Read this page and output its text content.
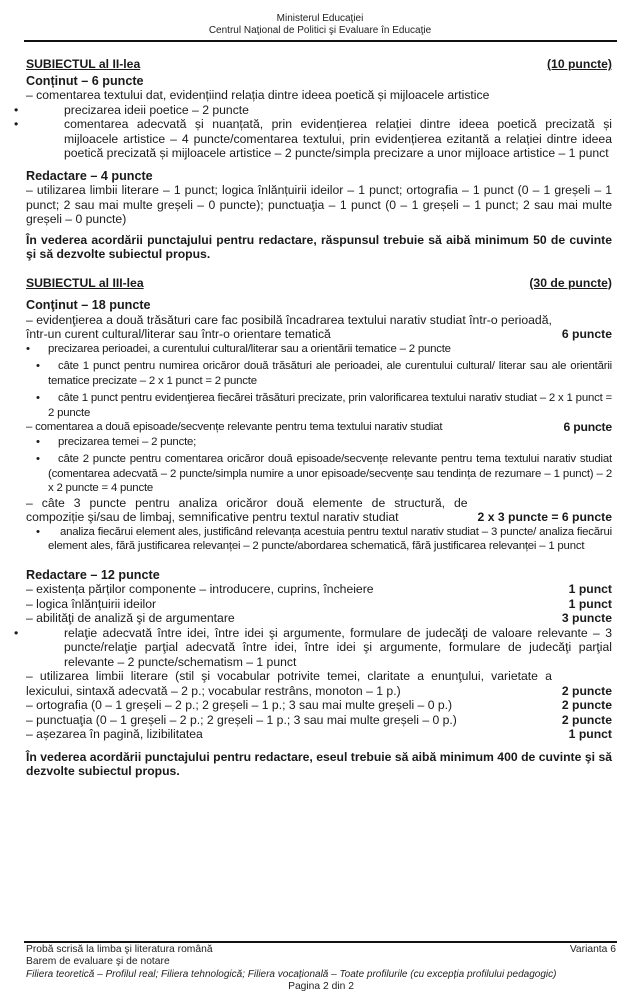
Ministerul Educaţiei
Centrul Naţional de Politici şi Evaluare în Educaţie
SUBIECTUL al II-lea	(10 puncte)
Conținut – 6 puncte

– comentarea textului dat, evidențiind relația dintre ideea poetică și mijloacele artistice

• precizarea ideii poetice – 2 puncte
• comentarea adecvată și nuanțată, prin evidențierea relației dintre ideea poetică precizată și mijloacele artistice – 4 puncte/comentarea textului, prin evidențierea ezitantă a relației dintre ideea poetică precizată și mijloacele artistice – 2 puncte/simpla precizare a unor mijloace artistice – 1 punct
Redactare – 4 puncte

– utilizarea limbii literare – 1 punct; logica înlănțuirii ideilor – 1 punct; ortografia – 1 punct (0 – 1 greșeli – 1 punct; 2 sau mai multe greșeli – 0 puncte); punctuaţia – 1 punct (0 – 1 greșeli – 1 punct; 2 sau mai multe greșeli – 0 puncte)

În vederea acordării punctajului pentru redactare, răspunsul trebuie să aibă minimum 50 de cuvinte şi să dezvolte subiectul propus.

SUBIECTUL al III-lea	(30 de puncte)
Conţinut – 18 puncte
– evidenţierea a două trăsături care fac posibilă încadrarea textului narativ studiat într-o perioadă, într-un curent cultural/literar sau într-o orientare tematică	6 puncte
• precizarea perioadei, a curentului cultural/literar sau a orientării tematice – 2 puncte
• câte 1 punct pentru numirea oricăror două trăsături ale perioadei, ale curentului cultural/ literar sau ale orientării tematice precizate – 2 x 1 punct = 2 puncte
• câte 1 punct pentru evidenţierea fiecărei trăsături precizate, prin valorificarea textului narativ studiat – 2 x 1 punct = 2 puncte
– comentarea a două episoade/secvențe relevante pentru tema textului narativ studiat	6 puncte
• precizarea temei – 2 puncte;
• câte 2 puncte pentru comentarea oricăror două episoade/secvențe relevante pentru tema textului narativ studiat (comentarea adecvată – 2 puncte/simpla numire a unor episoade/secvențe sau tendința de rezumare – 1 punct) – 2 x 2 puncte = 4 puncte
– câte 3 puncte pentru analiza oricăror două elemente de structură, de compoziție şi/sau de limbaj, semnificative pentru textul narativ studiat	2 x 3 puncte = 6 puncte
• analiza fiecărui element ales, justificând relevanța acestuia pentru textul narativ studiat – 3 puncte/ analiza fiecărui element ales, fără justificarea relevanței – 2 puncte/abordarea schematică, fără justificarea relevanței – 1 punct
Redactare – 12 puncte
– existența părților componente – introducere, cuprins, încheiere	1 punct
– logica înlănțuirii ideilor	1 punct
– abilităţi de analiză şi de argumentare	3 puncte
• relaţie adecvată între idei, între idei şi argumente, formulare de judecăţi de valoare relevante – 3 puncte/relaţie parţial adecvată între idei, între idei şi argumente, formulare de judecăţi parţial relevante – 2 puncte/schematism – 1 punct
– utilizarea limbii literare (stil şi vocabular potrivite temei, claritate a enunţului, varietate a lexicului, sintaxă adecvată – 2 p.; vocabular restrâns, monoton – 1 p.)	2 puncte
– ortografia (0 – 1 greșeli – 2 p.; 2 greșeli – 1 p.; 3 sau mai multe greșeli – 0 p.)	2 puncte
– punctuaţia (0 – 1 greșeli – 2 p.; 2 greșeli – 1 p.; 3 sau mai multe greșeli – 0 p.)	2 puncte
– așezarea în pagină, lizibilitatea	1 punct

În vederea acordării punctajului pentru redactare, eseul trebuie să aibă minimum 400 de cuvinte şi să dezvolte subiectul propus.

Probă scrisă la limba şi literatura română	Varianta 6
Barem de evaluare şi de notare
Filiera teoretică – Profilul real; Filiera tehnologică; Filiera vocațională – Toate profilurile (cu excepția profilului pedagogic)
Pagina 2 din 2
